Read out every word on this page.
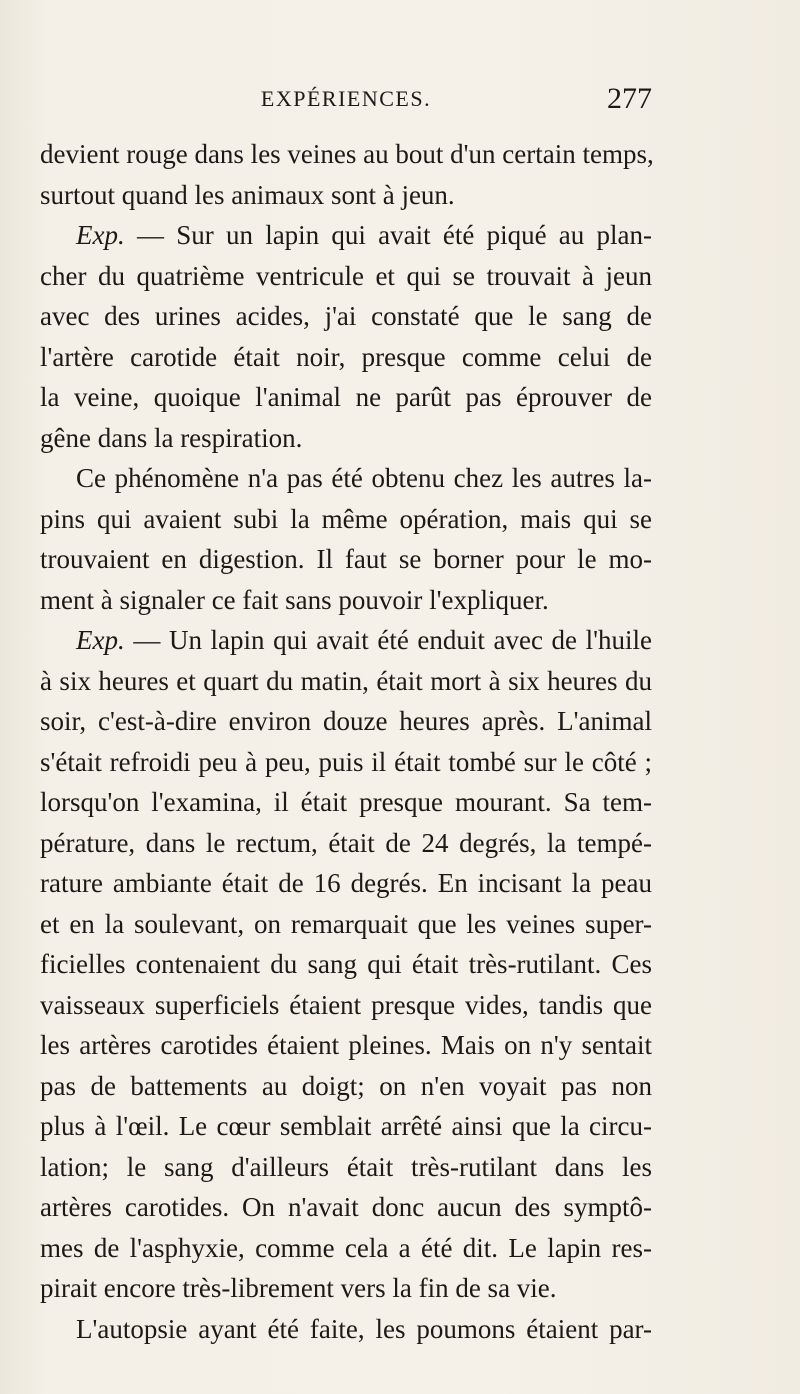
EXPÉRIENCES.	277
devient rouge dans les veines au bout d'un certain temps,
surtout quand les animaux sont à jeun.
Exp. — Sur un lapin qui avait été piqué au plan-
cher du quatrième ventricule et qui se trouvait à jeun
avec des urines acides, j'ai constaté que le sang de
l'artère carotide était noir, presque comme celui de
la veine, quoique l'animal ne parût pas éprouver de
gêne dans la respiration.
Ce phénomène n'a pas été obtenu chez les autres la-
pins qui avaient subi la même opération, mais qui se
trouvaient en digestion. Il faut se borner pour le mo-
ment à signaler ce fait sans pouvoir l'expliquer.
Exp. — Un lapin qui avait été enduit avec de l'huile
à six heures et quart du matin, était mort à six heures du
soir, c'est-à-dire environ douze heures après. L'animal
s'était refroidi peu à peu, puis il était tombé sur le côté ;
lorsqu'on l'examina, il était presque mourant. Sa tem-
pérature, dans le rectum, était de 24 degrés, la tempé-
rature ambiante était de 16 degrés. En incisant la peau
et en la soulevant, on remarquait que les veines super-
ficielles contenaient du sang qui était très-rutilant. Ces
vaisseaux superficiels étaient presque vides, tandis que
les artères carotides étaient pleines. Mais on n'y sentait
pas de battements au doigt; on n'en voyait pas non
plus à l'œil. Le cœur semblait arrêté ainsi que la circu-
lation; le sang d'ailleurs était très-rutilant dans les
artères carotides. On n'avait donc aucun des symptô-
mes de l'asphyxie, comme cela a été dit. Le lapin res-
pirait encore très-librement vers la fin de sa vie.
L'autopsie ayant été faite, les poumons étaient par-
